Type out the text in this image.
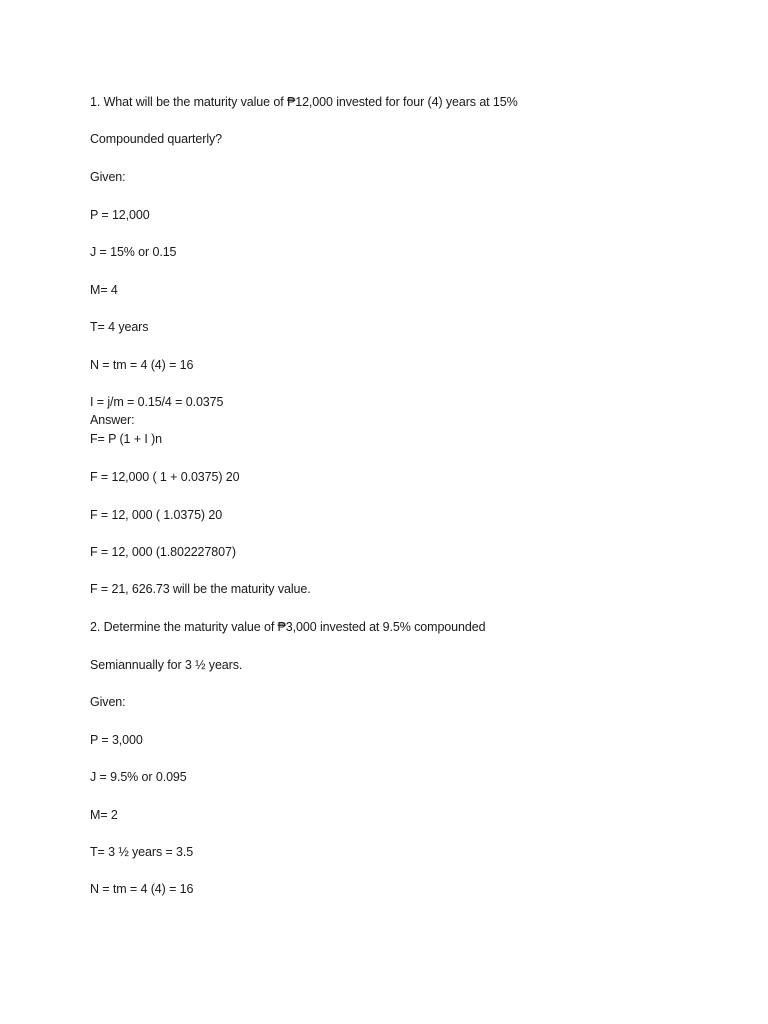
1. What will be the maturity value of ₱12,000 invested for four (4) years at 15%
Compounded quarterly?
Given:
P = 12,000
J = 15% or 0.15
M= 4
T= 4 years
N = tm = 4 (4) = 16
I = j/m = 0.15/4 = 0.0375
Answer:
F= P (1 + I )n
F = 12,000 ( 1 + 0.0375) 20
F = 12, 000 ( 1.0375) 20
F = 12, 000 (1.802227807)
F = 21, 626.73 will be the maturity value.
2. Determine the maturity value of ₱3,000 invested at 9.5% compounded
Semiannually for 3 ½ years.
Given:
P = 3,000
J = 9.5% or 0.095
M= 2
T= 3 ½ years = 3.5
N = tm = 4 (4) = 16
